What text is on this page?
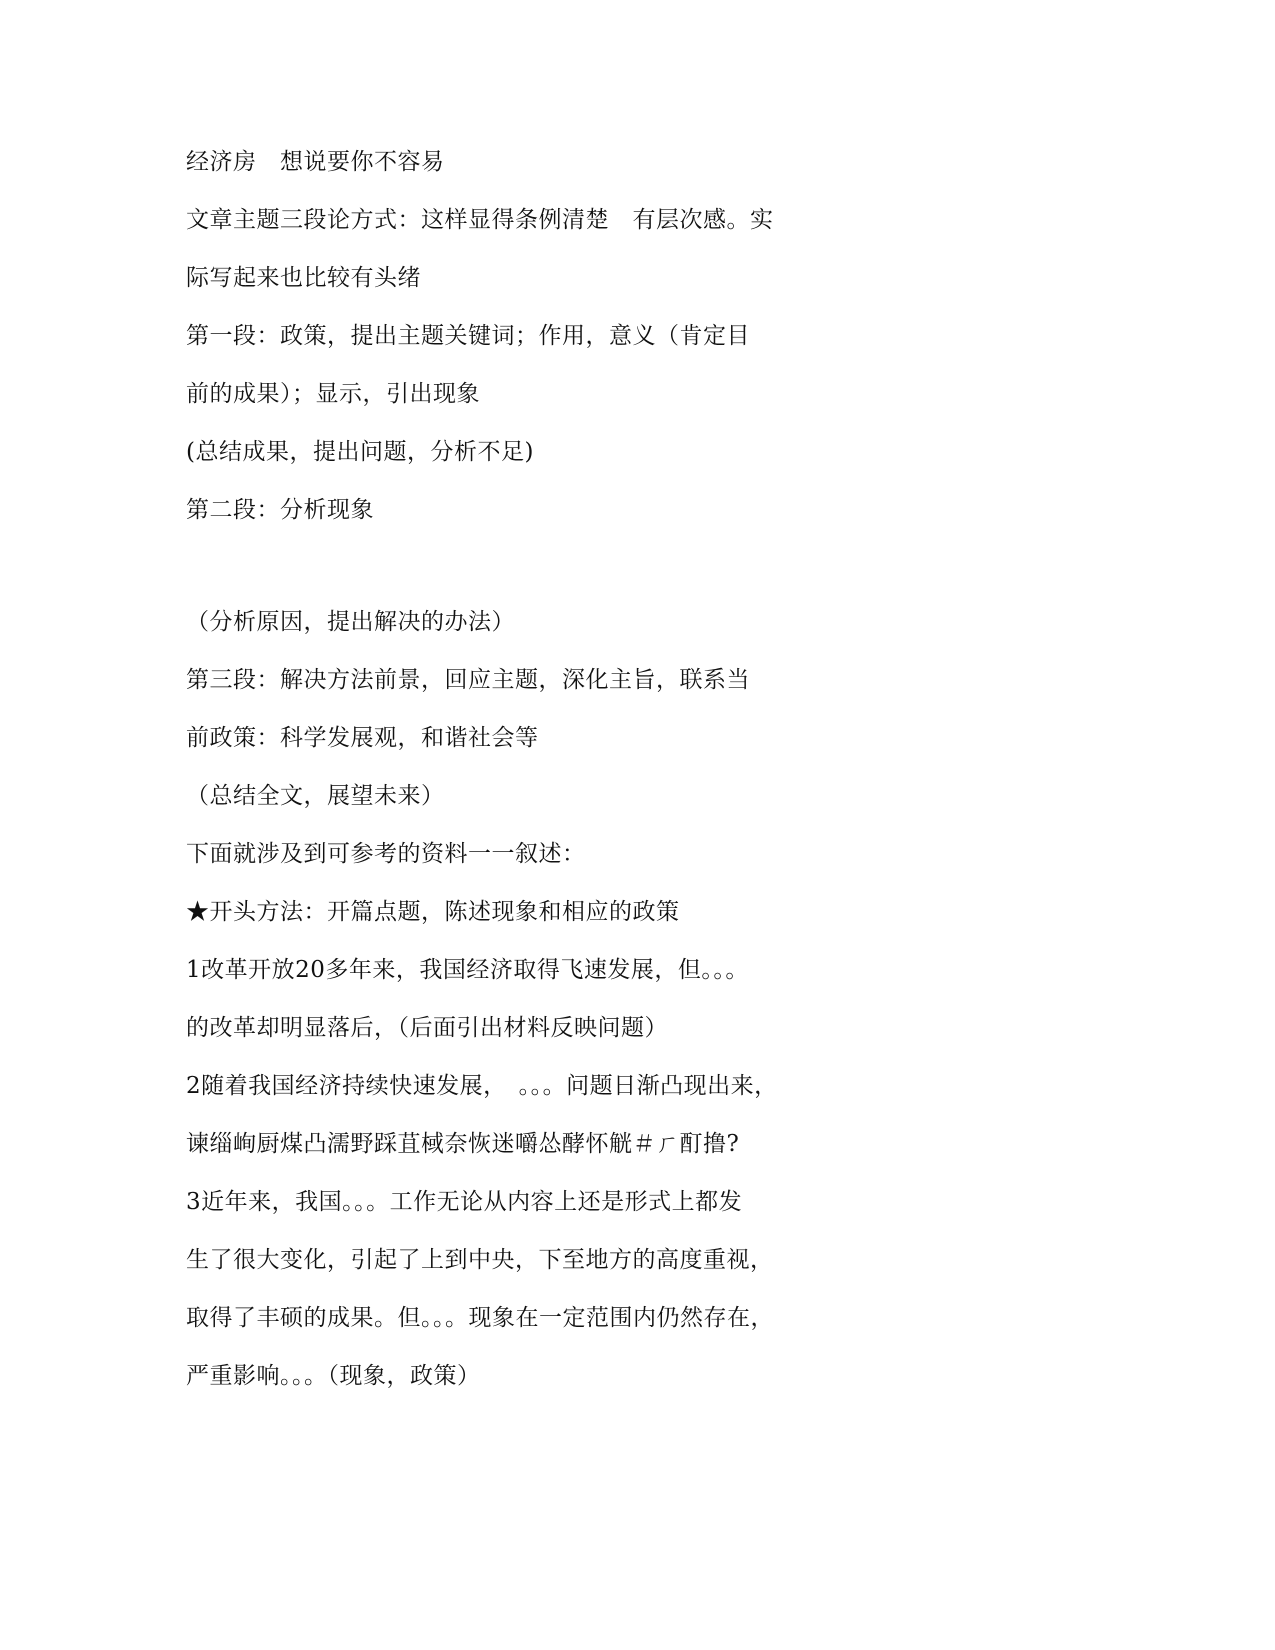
经济房　想说要你不容易

文章主题三段论方式：这样显得条例清楚　有层次感。实

际写起来也比较有头绪

第一段：政策，提出主题关键词；作用，意义（肯定目

前的成果）；显示，引出现象

(总结成果，提出问题，分析不足)

第二段：分析现象

（分析原因，提出解决的办法）

第三段：解决方法前景，回应主题，深化主旨，联系当

前政策：科学发展观，和谐社会等

（总结全文，展望未来）

下面就涉及到可参考的资料一一叙述：

★开头方法：开篇点题，陈述现象和相应的政策

1改革开放20多年来，我国经济取得飞速发展，但。。。

的改革却明显落后，（后面引出材料反映问题）

2随着我国经济持续快速发展，　。。。问题日渐凸现出来，

谏缁峋厨煤凸濡野踩苴棫奈恢迷嚼怂酵怀觥＃ㄏ酊撸?

3近年来，我国。。。工作无论从内容上还是形式上都发

生了很大变化，引起了上到中央，下至地方的高度重视，

取得了丰硕的成果。但。。。现象在一定范围内仍然存在，

严重影响。。。（现象，政策）
